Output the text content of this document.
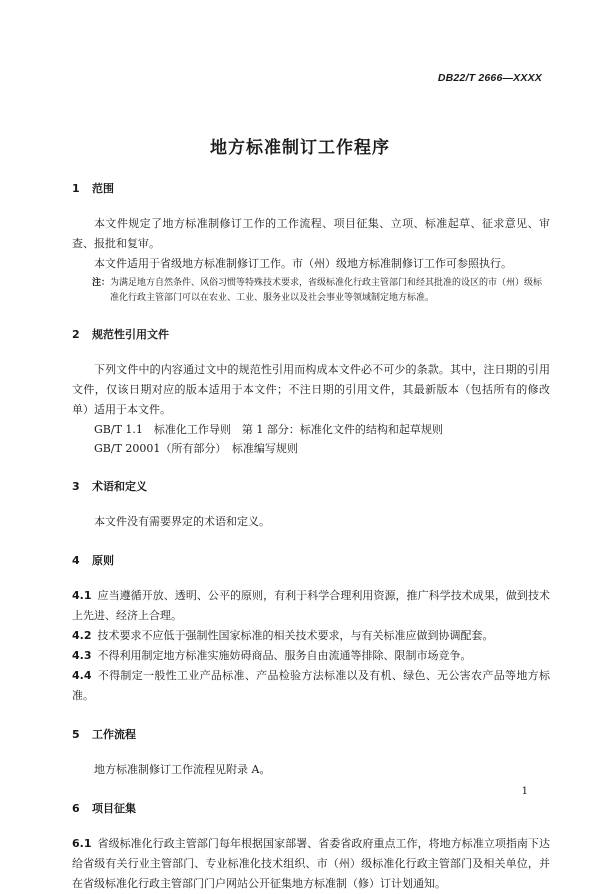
DB22/T 2666—XXXX
地方标准制订工作程序
1 范围

本文件规定了地方标准制修订工作的工作流程、项目征集、立项、标准起草、征求意见、审查、报批和复审。

本文件适用于省级地方标准制修订工作。市（州）级地方标准制修订工作可参照执行。

注：为满足地方自然条件、风俗习惯等特殊技术要求，省级标准化行政主管部门和经其批准的设区的市（州）级标准化行政主管部门可以在农业、工业、服务业以及社会事业等领域制定地方标准。

2 规范性引用文件

下列文件中的内容通过文中的规范性引用而构成本文件必不可少的条款。其中，注日期的引用文件，仅该日期对应的版本适用于本文件；不注日期的引用文件，其最新版本（包括所有的修改单）适用于本文件。

GB/T 1.1　标准化工作导则　第 1 部分：标准化文件的结构和起草规则

GB/T 20001（所有部分）　标准编写规则

3 术语和定义

本文件没有需要界定的术语和定义。

4 原则

4.1 应当遵循开放、透明、公平的原则，有利于科学合理利用资源，推广科学技术成果，做到技术上先进、经济上合理。

4.2 技术要求不应低于强制性国家标准的相关技术要求，与有关标准应做到协调配套。

4.3 不得利用制定地方标准实施妨碍商品、服务自由流通等排除、限制市场竞争。

4.4 不得制定一般性工业产品标准、产品检验方法标准以及有机、绿色、无公害农产品等地方标准。

5 工作流程

地方标准制修订工作流程见附录 A。

6 项目征集

6.1 省级标准化行政主管部门每年根据国家部署、省委省政府重点工作，将地方标准立项指南下达给省级有关行业主管部门、专业标准化技术组织、市（州）级标准化行政主管部门及相关单位，并在省级标准化行政主管部门门户网站公开征集地方标准制（修）订计划通知。

1
